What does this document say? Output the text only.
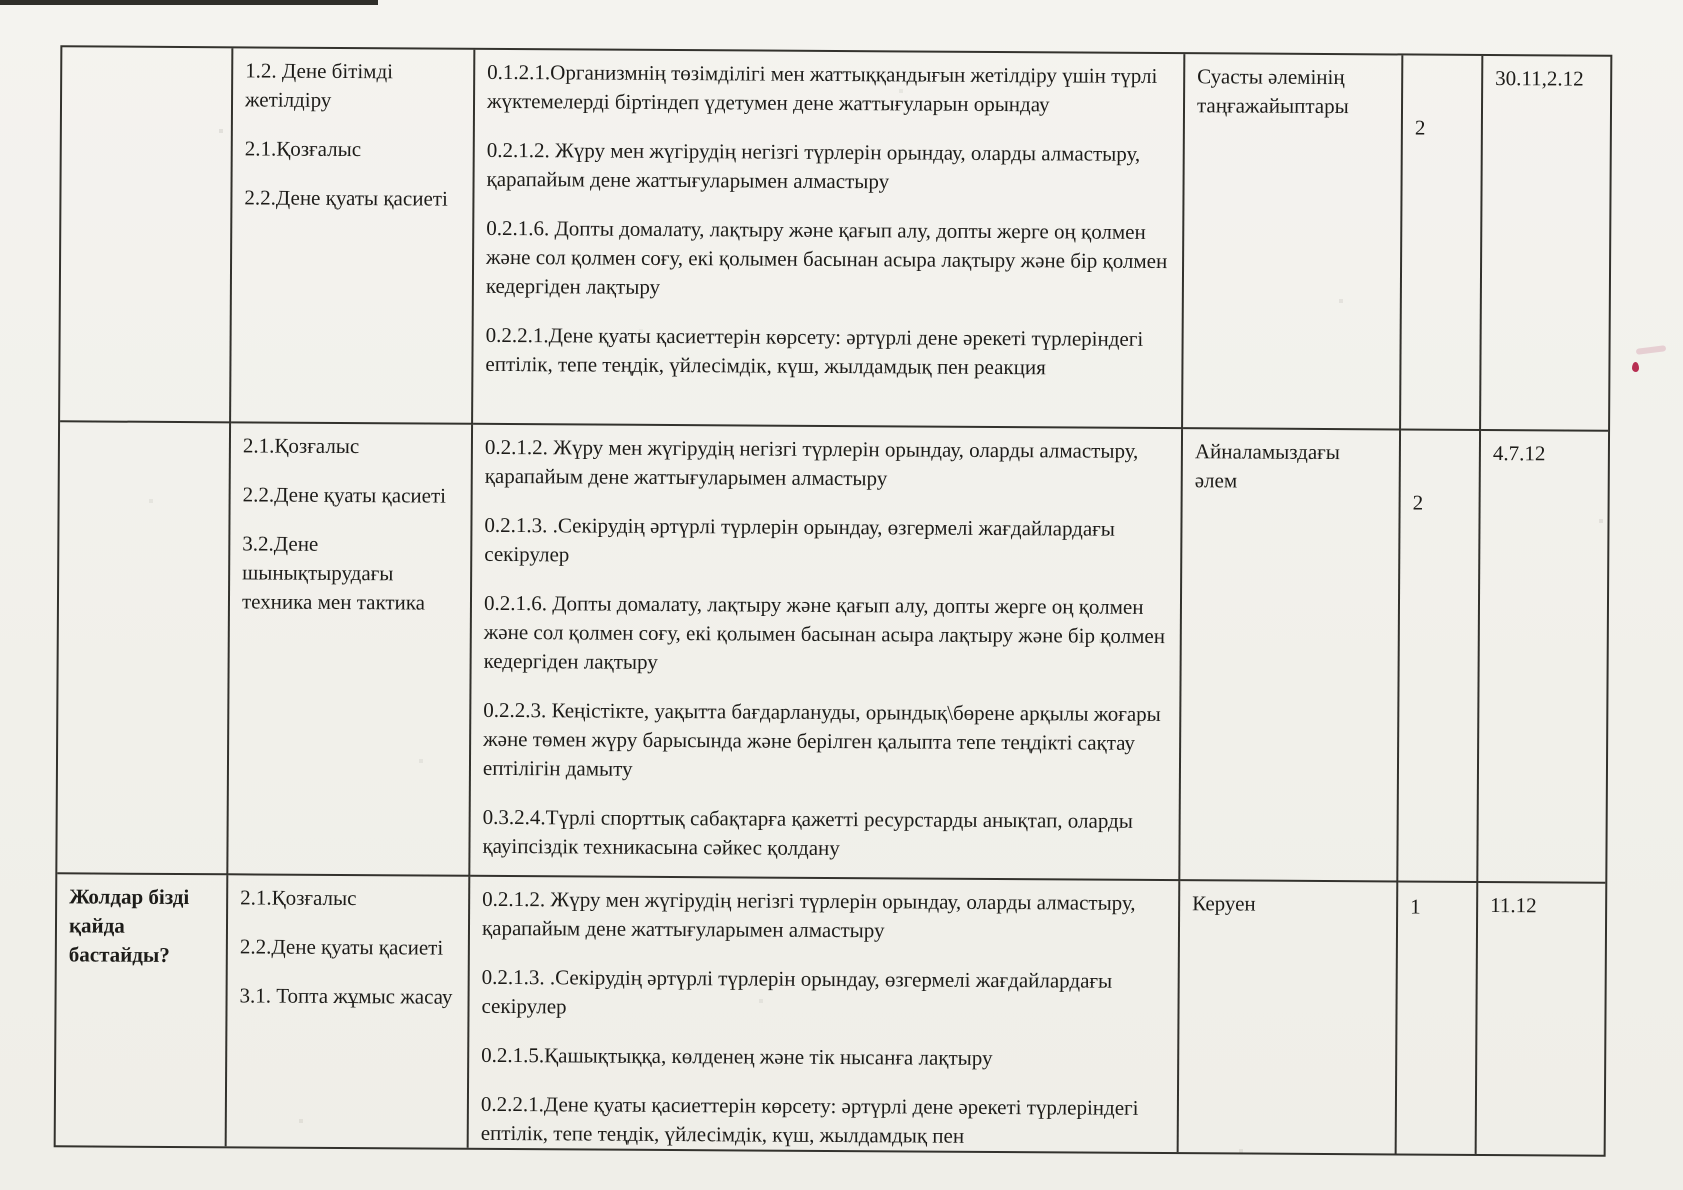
1.2. Дене бітімді жетілдіру

2.1.Қозғалыс

2.2.Дене қуаты қасиеті

0.1.2.1.Организмнің төзімділігі мен жаттыққандығын жетілдіру үшін түрлі жүктемелерді біртіндеп үдетумен дене жаттығуларын орындау

0.2.1.2. Жүру мен жүгірудің негізгі түрлерін орындау, оларды алмастыру, қарапайым дене жаттығуларымен алмастыру

0.2.1.6. Допты домалату, лақтыру және қағып алу, допты жерге оң қолмен және сол қолмен соғу, екі қолымен басынан асыра лақтыру және бір қолмен кедергіден лақтыру

0.2.2.1.Дене қуаты қасиеттерін көрсету: әртүрлі дене әрекеті түрлеріндегі ептілік, тепе теңдік, үйлесімдік, күш, жылдамдық пен реакция

Суасты әлемінің таңғажайыптары

2

30.11,2.12

2.1.Қозғалыс

2.2.Дене қуаты қасиеті

3.2.Дене шынықтырудағы техника мен тактика

0.2.1.2. Жүру мен жүгірудің негізгі түрлерін орындау, оларды алмастыру, қарапайым дене жаттығуларымен алмастыру

0.2.1.3. .Секірудің әртүрлі түрлерін орындау, өзгермелі жағдайлардағы секірулер

0.2.1.6. Допты домалату, лақтыру және қағып алу, допты жерге оң қолмен және сол қолмен соғу, екі қолымен басынан асыра лақтыру және бір қолмен кедергіден лақтыру

0.2.2.3. Кеңістікте, уақытта бағдарлануды, орындық\бөрене арқылы жоғары және төмен жүру барысында және берілген қалыпта тепе теңдікті сақтау ептілігін дамыту

0.3.2.4.Түрлі спорттық сабақтарға қажетті ресурстарды анықтап, оларды қауіпсіздік техникасына сәйкес қолдану

Айналамыздағы әлем

2

4.7.12

Жолдар бізді қайда бастайды?

2.1.Қозғалыс

2.2.Дене қуаты қасиеті

3.1. Топта жұмыс жасау

0.2.1.2. Жүру мен жүгірудің негізгі түрлерін орындау, оларды алмастыру, қарапайым дене жаттығуларымен алмастыру

0.2.1.3. .Секірудің әртүрлі түрлерін орындау, өзгермелі жағдайлардағы секірулер

0.2.1.5.Қашықтыққа, көлденең және тік нысанға лақтыру

0.2.2.1.Дене қуаты қасиеттерін көрсету: әртүрлі дене әрекеті түрлеріндегі ептілік, тепе теңдік, үйлесімдік, күш, жылдамдық пен

Керуен	1	11.12
